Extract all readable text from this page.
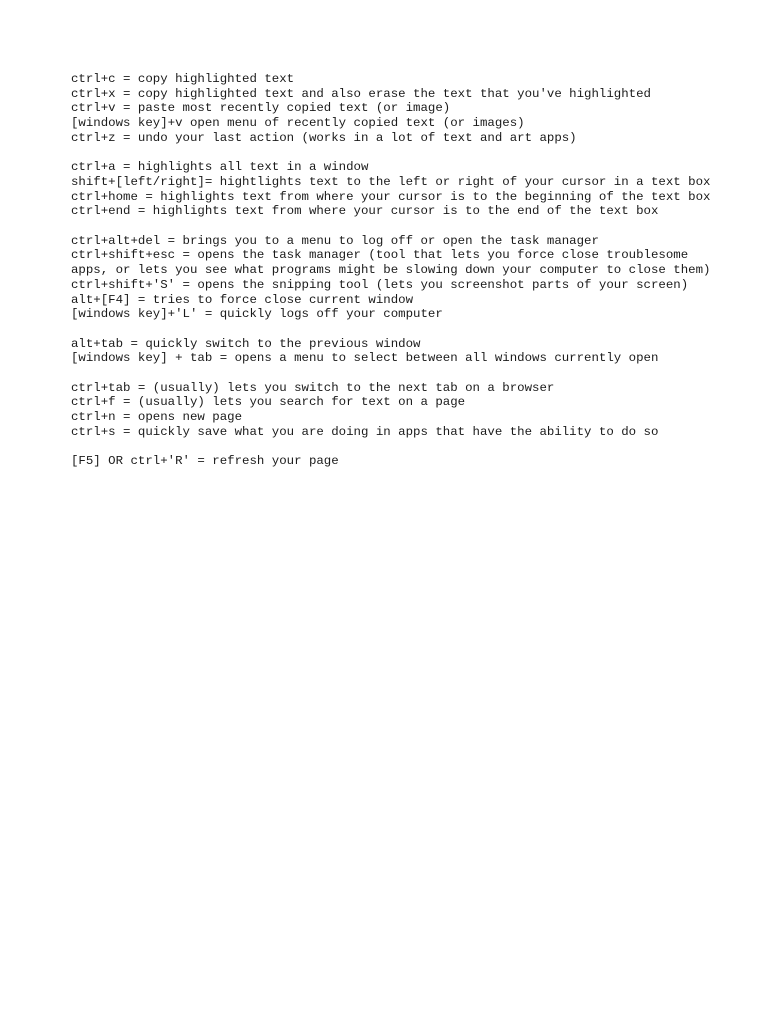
ctrl+c = copy highlighted text
ctrl+x = copy highlighted text and also erase the text that you've highlighted
ctrl+v = paste most recently copied text (or image)
[windows key]+v open menu of recently copied text (or images)
ctrl+z = undo your last action (works in a lot of text and art apps)
ctrl+a = highlights all text in a window
shift+[left/right]= hightlights text to the left or right of your cursor in a text box
ctrl+home = highlights text from where your cursor is to the beginning of the text box
ctrl+end = highlights text from where your cursor is to the end of the text box
ctrl+alt+del = brings you to a menu to log off or open the task manager
ctrl+shift+esc = opens the task manager (tool that lets you force close troublesome apps, or lets you see what programs might be slowing down your computer to close them)
ctrl+shift+'S' = opens the snipping tool (lets you screenshot parts of your screen)
alt+[F4] = tries to force close current window
[windows key]+'L' = quickly logs off your computer
alt+tab = quickly switch to the previous window
[windows key] + tab = opens a menu to select between all windows currently open
ctrl+tab = (usually) lets you switch to the next tab on a browser
ctrl+f = (usually) lets you search for text on a page
ctrl+n = opens new page
ctrl+s = quickly save what you are doing in apps that have the ability to do so
[F5] OR ctrl+'R' = refresh your page
